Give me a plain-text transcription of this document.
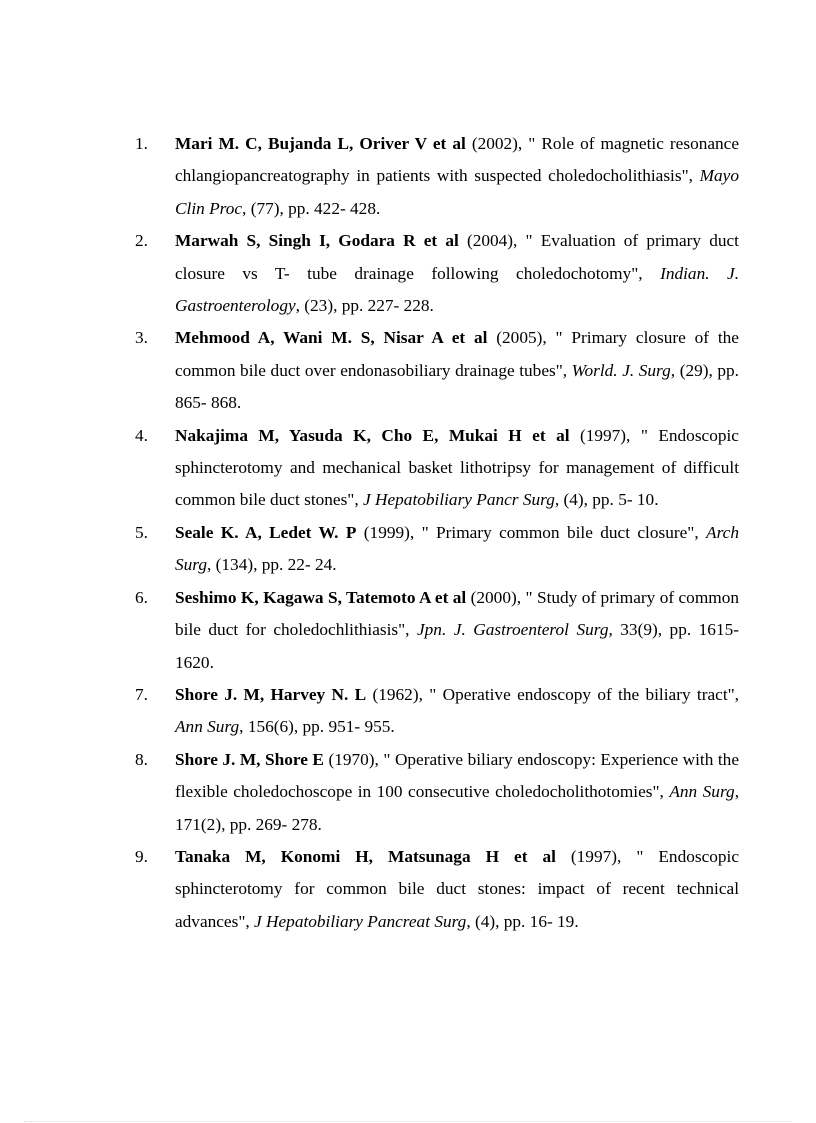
1. Mari M. C, Bujanda L, Oriver V et al (2002), " Role of magnetic resonance chlangiopancreatography in patients with suspected choledocholithiasis", Mayo Clin Proc, (77), pp. 422- 428.
2. Marwah S, Singh I, Godara R et al (2004), " Evaluation of primary duct closure vs T- tube drainage following choledochotomy", Indian. J. Gastroenterology, (23), pp. 227- 228.
3. Mehmood A, Wani M. S, Nisar A et al (2005), " Primary closure of the common bile duct over endonasobiliary drainage tubes", World. J. Surg, (29), pp. 865- 868.
4. Nakajima M, Yasuda K, Cho E, Mukai H et al (1997), " Endoscopic sphincterotomy and mechanical basket lithotripsy for management of difficult common bile duct stones", J Hepatobiliary Pancr Surg, (4), pp. 5- 10.
5. Seale K. A, Ledet W. P (1999), " Primary common bile duct closure", Arch Surg, (134), pp. 22- 24.
6. Seshimo K, Kagawa S, Tatemoto A et al (2000), " Study of primary of common bile duct for choledochlithiasis", Jpn. J. Gastroenterol Surg, 33(9), pp. 1615- 1620.
7. Shore J. M, Harvey N. L (1962), " Operative endoscopy of the biliary tract", Ann Surg, 156(6), pp. 951- 955.
8. Shore J. M, Shore E (1970), " Operative biliary endoscopy: Experience with the flexible choledochoscope in 100 consecutive choledocholithotomies", Ann Surg, 171(2), pp. 269- 278.
9. Tanaka M, Konomi H, Matsunaga H et al (1997), " Endoscopic sphincterotomy for common bile duct stones: impact of recent technical advances", J Hepatobiliary Pancreat Surg, (4), pp. 16- 19.
